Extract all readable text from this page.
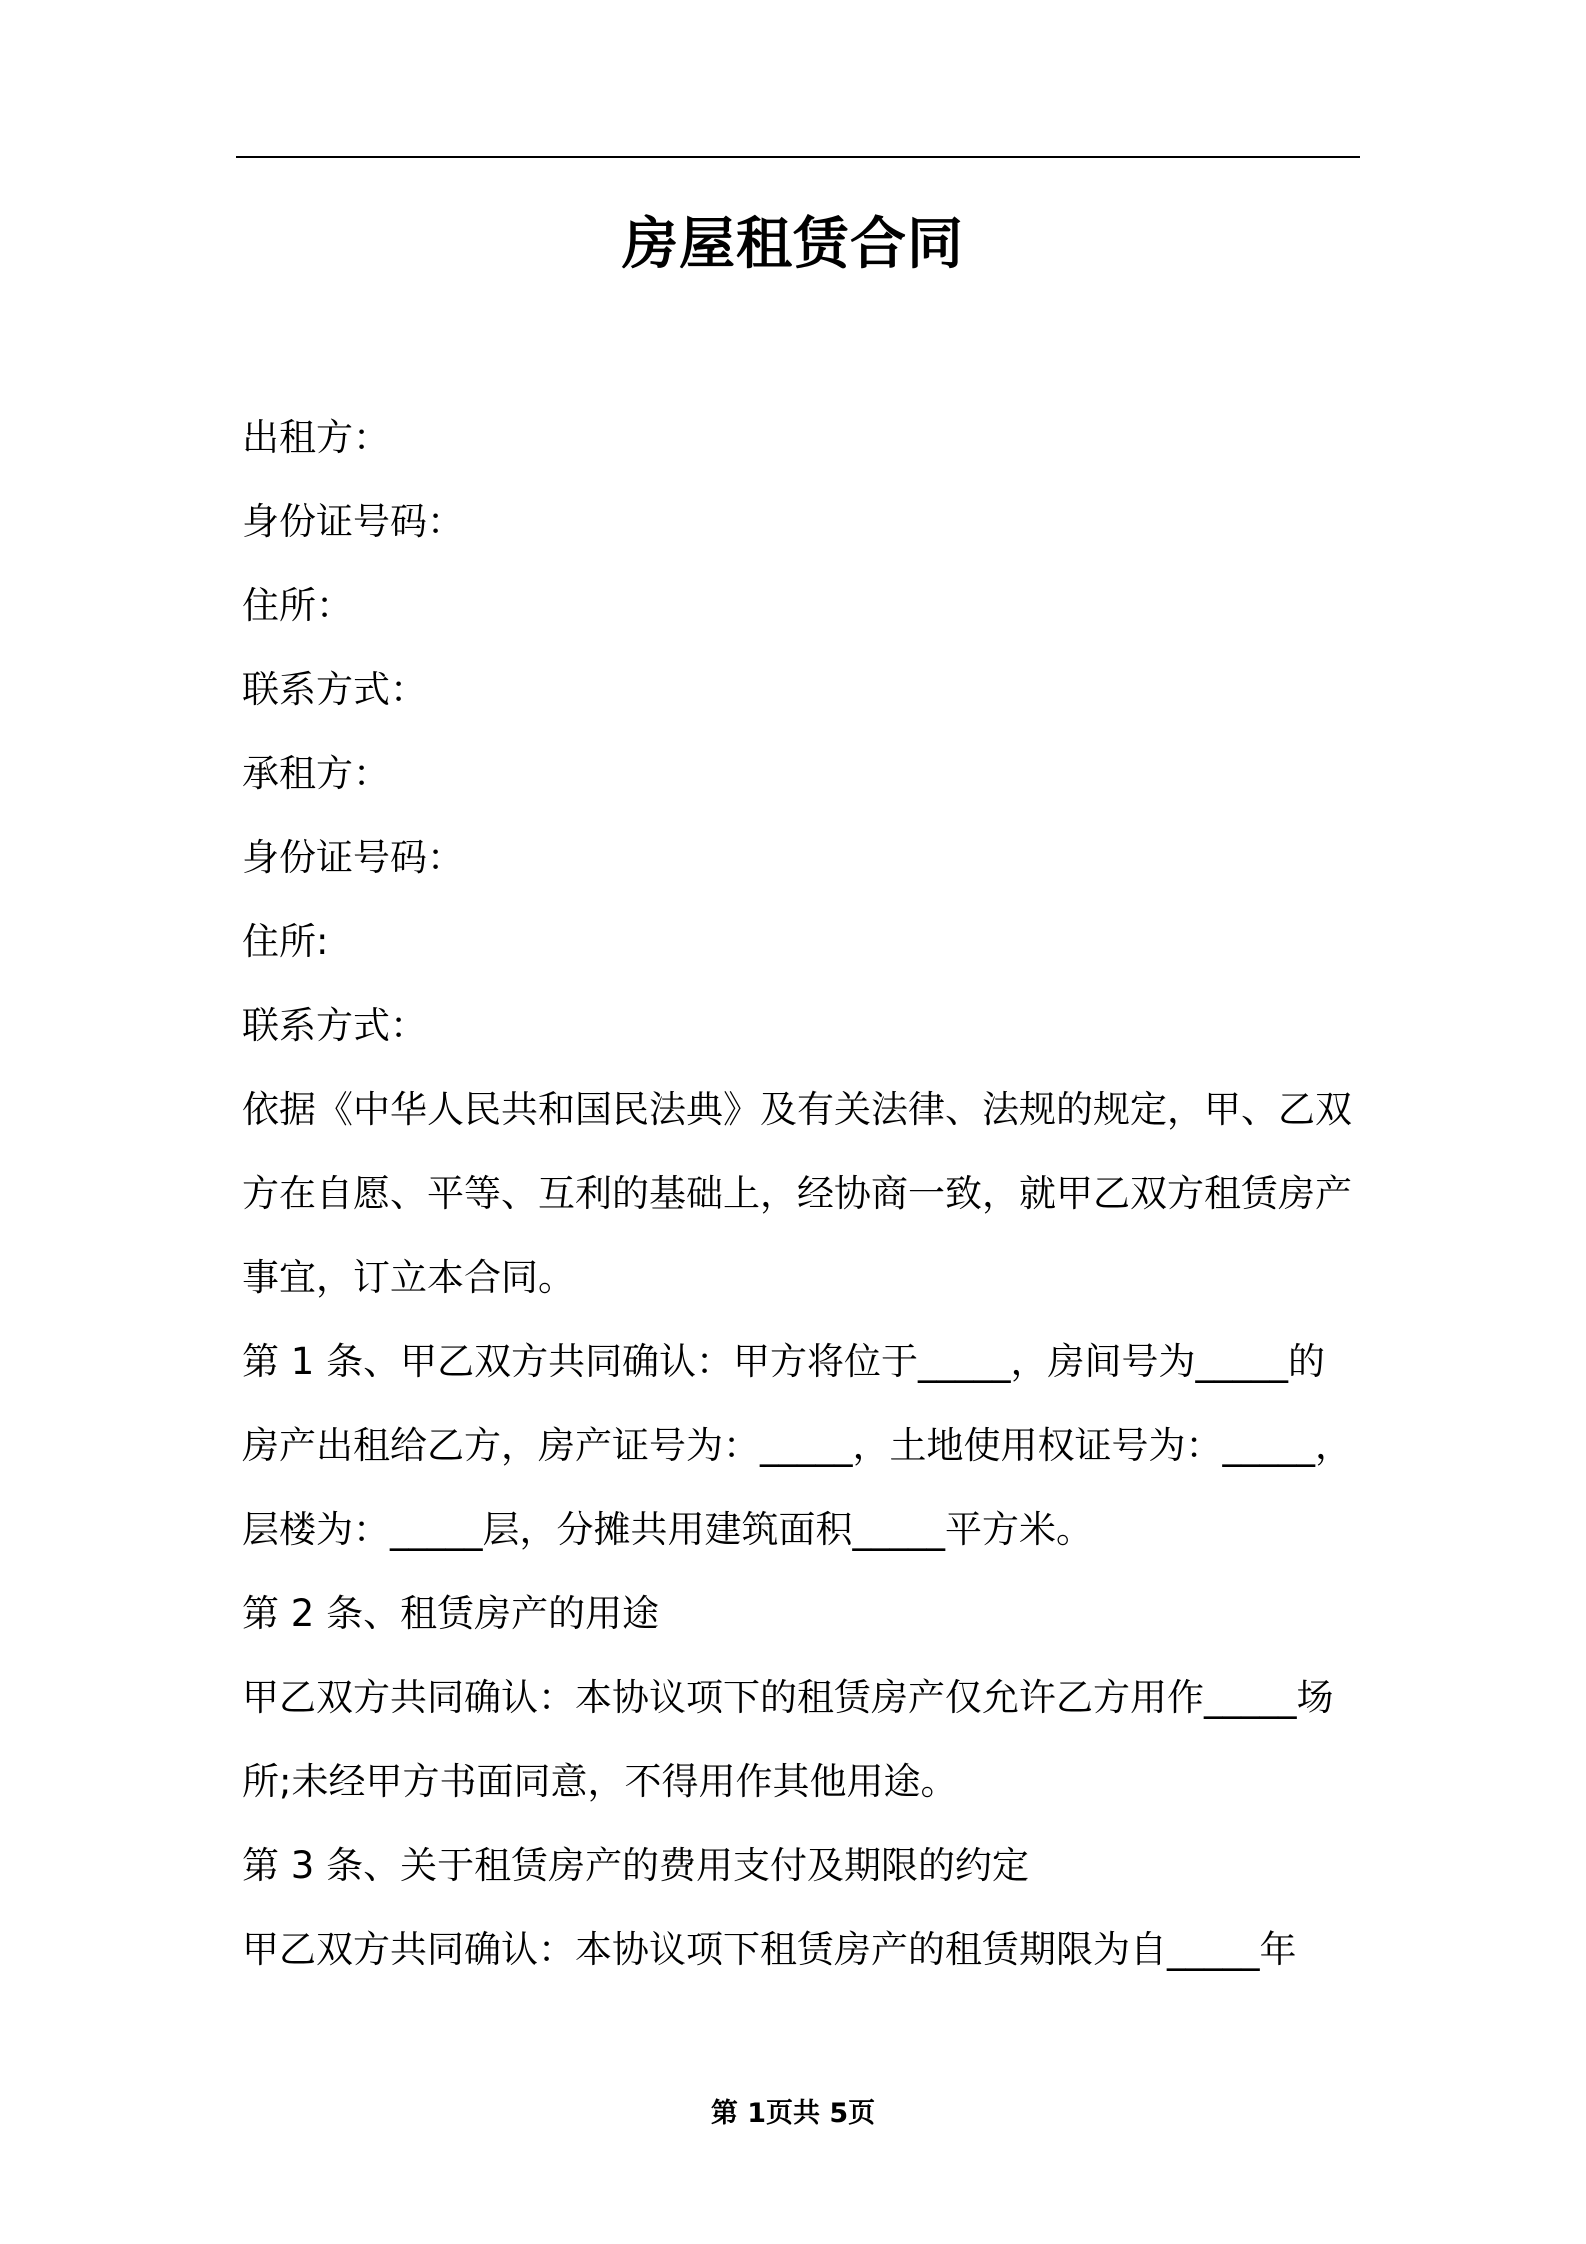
房屋租赁合同

出租方：

身份证号码：

住所：

联系方式：

承租方：

身份证号码：

住所:

联系方式：

依据《中华人民共和国民法典》及有关法律、法规的规定，甲、乙双

方在自愿、平等、互利的基础上，经协商一致，就甲乙双方租赁房产

事宜，订立本合同。

第 1 条、甲乙双方共同确认：甲方将位于_____，房间号为_____的

房产出租给乙方，房产证号为：_____，土地使用权证号为：_____，

层楼为：_____层，分摊共用建筑面积_____平方米。

第 2 条、租赁房产的用途

甲乙双方共同确认：本协议项下的租赁房产仅允许乙方用作_____场

所;未经甲方书面同意，不得用作其他用途。

第 3 条、关于租赁房产的费用支付及期限的约定

甲乙双方共同确认：本协议项下租赁房产的租赁期限为自_____年

第 1页共 5页
